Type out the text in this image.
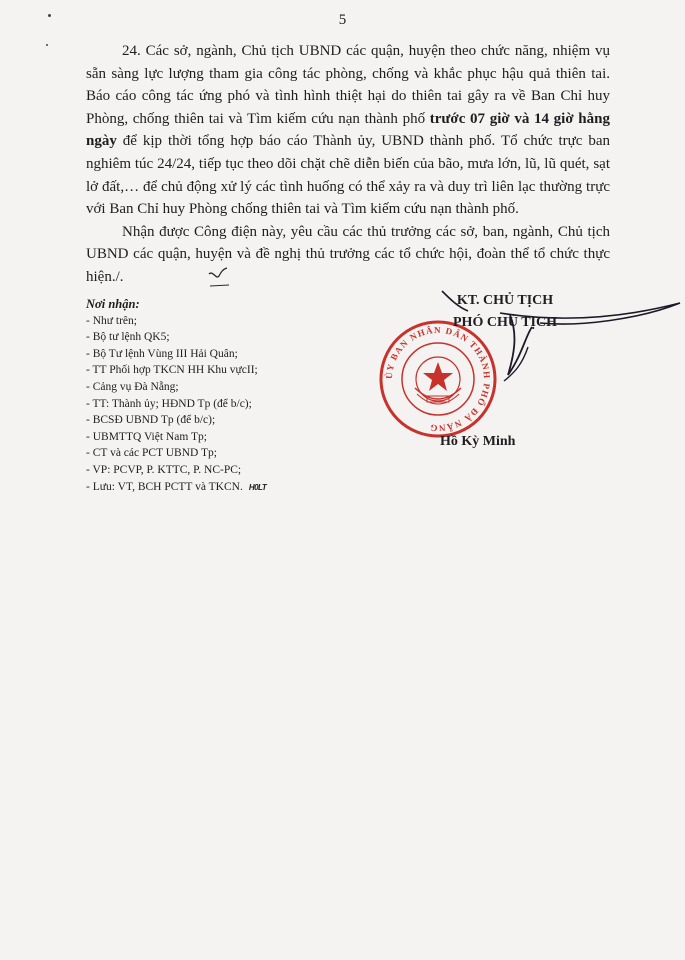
5

24. Các sở, ngành, Chủ tịch UBND các quận, huyện theo chức năng, nhiệm vụ sẵn sàng lực lượng tham gia công tác phòng, chống và khắc phục hậu quả thiên tai. Báo cáo công tác ứng phó và tình hình thiệt hại do thiên tai gây ra về Ban Chỉ huy Phòng, chống thiên tai và Tìm kiếm cứu nạn thành phố trước 07 giờ và 14 giờ hằng ngày để kịp thời tổng hợp báo cáo Thành ủy, UBND thành phố. Tổ chức trực ban nghiêm túc 24/24, tiếp tục theo dõi chặt chẽ diễn biến của bão, mưa lớn, lũ, lũ quét, sạt lở đất,… để chủ động xử lý các tình huống có thể xảy ra và duy trì liên lạc thường trực với Ban Chỉ huy Phòng chống thiên tai và Tìm kiếm cứu nạn thành phố.

Nhận được Công điện này, yêu cầu các thủ trưởng các sở, ban, ngành, Chủ tịch UBND các quận, huyện và đề nghị thủ trưởng các tổ chức hội, đoàn thể tổ chức thực hiện./.

Nơi nhận:
- Như trên;
- Bộ tư lệnh QK5;
- Bộ Tư lệnh Vùng III Hải Quân;
- TT Phối hợp TKCN HH Khu vựcII;
- Cảng vụ Đà Nẵng;
- TT: Thành ủy; HĐND Tp (để b/c);
- BCSĐ UBND Tp (để b/c);
- UBMTTQ Việt Nam Tp;
- CT và các PCT UBND Tp;
- VP: PCVP, P. KTTC, P. NC-PC;
- Lưu: VT, BCH PCTT và TKCN. H0LT
ỦY BAN NHÂN DÂN THÀNH PHỐ ĐÀ NẴNG
KT. CHỦ TỊCH
PHÓ CHỦ TỊCH
Hồ Kỳ Minh
